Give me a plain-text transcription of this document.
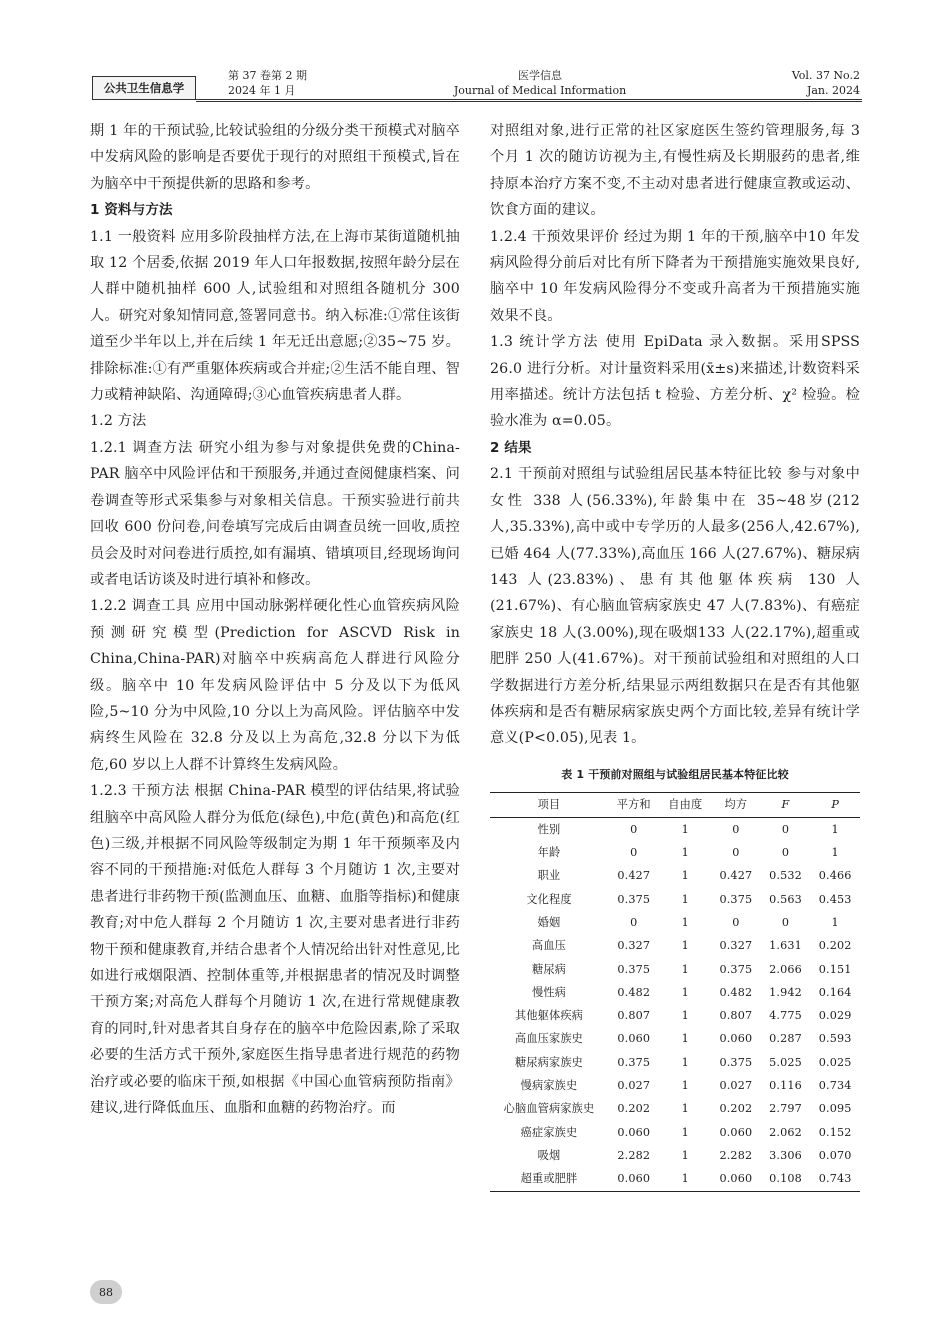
公共卫生信息学
第 37 卷第 2 期
2024 年 1 月
医学信息
Journal of Medical Information
Vol. 37 No.2
Jan. 2024

期 1 年的干预试验,比较试验组的分级分类干预模式对脑卒中发病风险的影响是否要优于现行的对照组干预模式,旨在为脑卒中干预提供新的思路和参考。

1 资料与方法

1.1 一般资料 应用多阶段抽样方法,在上海市某街道随机抽取 12 个居委,依据 2019 年人口年报数据,按照年龄分层在人群中随机抽样 600 人,试验组和对照组各随机分 300 人。研究对象知情同意,签署同意书。纳入标准:①常住该街道至少半年以上,并在后续 1 年无迁出意愿;②35~75 岁。排除标准:①有严重躯体疾病或合并症;②生活不能自理、智力或精神缺陷、沟通障碍;③心血管疾病患者人群。

1.2 方法

1.2.1 调查方法 研究小组为参与对象提供免费的China-PAR 脑卒中风险评估和干预服务,并通过查阅健康档案、问卷调查等形式采集参与对象相关信息。干预实验进行前共回收 600 份问卷,问卷填写完成后由调查员统一回收,质控员会及时对问卷进行质控,如有漏填、错填项目,经现场询问或者电话访谈及时进行填补和修改。

1.2.2 调查工具 应用中国动脉粥样硬化性心血管疾病风险预测研究模型(Prediction for ASCVD Risk in China,China-PAR)对脑卒中疾病高危人群进行风险分级。脑卒中 10 年发病风险评估中 5 分及以下为低风险,5~10 分为中风险,10 分以上为高风险。评估脑卒中发病终生风险在 32.8 分及以上为高危,32.8 分以下为低危,60 岁以上人群不计算终生发病风险。

1.2.3 干预方法 根据 China-PAR 模型的评估结果,将试验组脑卒中高风险人群分为低危(绿色),中危(黄色)和高危(红色)三级,并根据不同风险等级制定为期 1 年干预频率及内容不同的干预措施:对低危人群每 3 个月随访 1 次,主要对患者进行非药物干预(监测血压、血糖、血脂等指标)和健康教育;对中危人群每 2 个月随访 1 次,主要对患者进行非药物干预和健康教育,并结合患者个人情况给出针对性意见,比如进行戒烟限酒、控制体重等,并根据患者的情况及时调整干预方案;对高危人群每个月随访 1 次,在进行常规健康教育的同时,针对患者其自身存在的脑卒中危险因素,除了采取必要的生活方式干预外,家庭医生指导患者进行规范的药物治疗或必要的临床干预,如根据《中国心血管病预防指南》建议,进行降低血压、血脂和血糖的药物治疗。而

对照组对象,进行正常的社区家庭医生签约管理服务,每 3 个月 1 次的随访访视为主,有慢性病及长期服药的患者,维持原本治疗方案不变,不主动对患者进行健康宣教或运动、饮食方面的建议。

1.2.4 干预效果评价 经过为期 1 年的干预,脑卒中10 年发病风险得分前后对比有所下降者为干预措施实施效果良好,脑卒中 10 年发病风险得分不变或升高者为干预措施实施效果不良。

1.3 统计学方法 使用 EpiData 录入数据。采用SPSS 26.0 进行分析。对计量资料采用(x̄±s)来描述,计数资料采用率描述。统计方法包括 t 检验、方差分析、χ² 检验。检验水准为 α=0.05。

2 结果

2.1 干预前对照组与试验组居民基本特征比较 参与对象中女性 338 人(56.33%),年龄集中在 35~48岁(212 人,35.33%),高中或中专学历的人最多(256人,42.67%),已婚 464 人(77.33%),高血压 166 人(27.67%)、糖尿病 143 人(23.83%)、患有其他躯体疾病 130 人(21.67%)、有心脑血管病家族史 47 人(7.83%)、有癌症家族史 18 人(3.00%),现在吸烟133 人(22.17%),超重或肥胖 250 人(41.67%)。对干预前试验组和对照组的人口学数据进行方差分析,结果显示两组数据只在是否有其他躯体疾病和是否有糖尿病家族史两个方面比较,差异有统计学意义(P<0.05),见表 1。

表 1 干预前对照组与试验组居民基本特征比较
项目	平方和	自由度	均方	F	P
性别	0	1	0	0	1
年龄	0	1	0	0	1
职业	0.427	1	0.427	0.532	0.466
文化程度	0.375	1	0.375	0.563	0.453
婚姻	0	1	0	0	1
高血压	0.327	1	0.327	1.631	0.202
糖尿病	0.375	1	0.375	2.066	0.151
慢性病	0.482	1	0.482	1.942	0.164
其他躯体疾病	0.807	1	0.807	4.775	0.029
高血压家族史	0.060	1	0.060	0.287	0.593
糖尿病家族史	0.375	1	0.375	5.025	0.025
慢病家族史	0.027	1	0.027	0.116	0.734
心脑血管病家族史	0.202	1	0.202	2.797	0.095
癌症家族史	0.060	1	0.060	2.062	0.152
吸烟	2.282	1	2.282	3.306	0.070
超重或肥胖	0.060	1	0.060	0.108	0.743
88
